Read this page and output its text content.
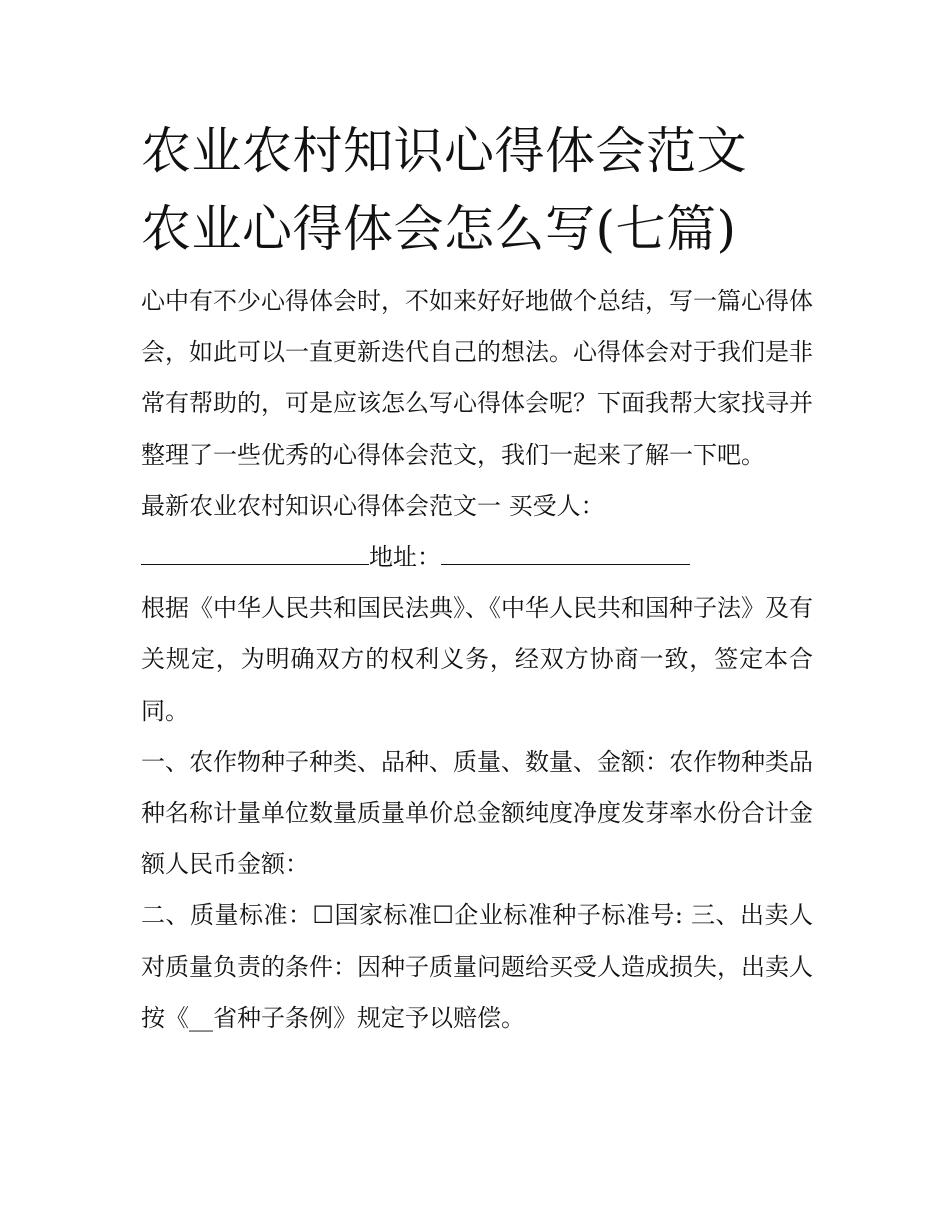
农业农村知识心得体会范文 农业心得体会怎么写(七篇)

心中有不少心得体会时，不如来好好地做个总结，写一篇心得体会，如此可以一直更新迭代自己的想法。心得体会对于我们是非常有帮助的，可是应该怎么写心得体会呢？下面我帮大家找寻并整理了一些优秀的心得体会范文，我们一起来了解一下吧。

最新农业农村知识心得体会范文一 买受人：

地址：

根据《中华人民共和国民法典》、《中华人民共和国种子法》及有关规定，为明确双方的权利义务，经双方协商一致，签定本合同。

一、农作物种子种类、品种、质量、数量、金额：农作物种类品种名称计量单位数量质量单价总金额纯度净度发芽率水份合计金额人民币金额：

二、质量标准：☐国家标准☐企业标准种子标准号: 三、出卖人对质量负责的条件：因种子质量问题给买受人造成损失，出卖人按《__省种子条例》规定予以赔偿。
